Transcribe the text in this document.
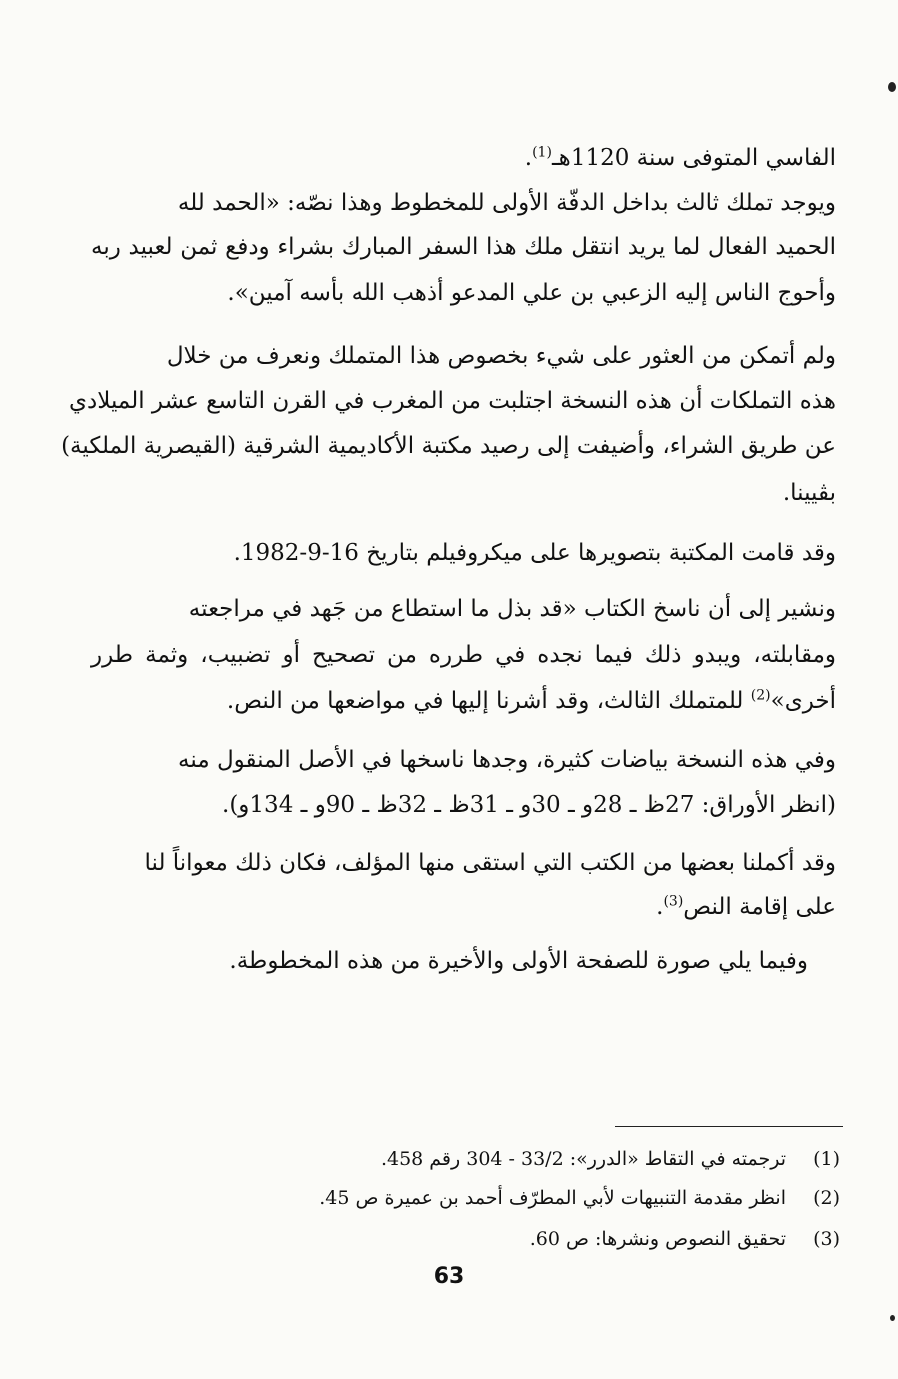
الفاسي المتوفى سنة 1120هـ$^{(1)}$.
ويوجد تملك ثالث بداخل الدفّة الأولى للمخطوط وهذا نصّه: «الحمد لله
الحميد الفعال لما يريد انتقل ملك هذا السفر المبارك بشراء ودفع ثمن لعبيد ربه
وأحوج الناس إليه الزعبي بن علي المدعو أذهب الله بأسه آمين».
ولم أتمكن من العثور على شيء بخصوص هذا المتملك ونعرف من خلال
هذه التملكات أن هذه النسخة اجتلبت من المغرب في القرن التاسع عشر الميلادي
عن طريق الشراء، وأضيفت إلى رصيد مكتبة الأكاديمية الشرقية (القيصرية الملكية)
بڤيينا.
وقد قامت المكتبة بتصويرها على ميكروفيلم بتاريخ 16-9-1982.
ونشير إلى أن ناسخ الكتاب «قد بذل ما استطاع من جَهد في مراجعته
ومقابلته، ويبدو ذلك فيما نجده في طرره من تصحيح أو تضبيب، وثمة طرر
أخرى»$^{(2)}$ للمتملك الثالث، وقد أشرنا إليها في مواضعها من النص.
وفي هذه النسخة بياضات كثيرة، وجدها ناسخها في الأصل المنقول منه
(انظر الأوراق: 27ظ ـ 28و ـ 30و ـ 31ظ ـ 32ظ ـ 90و ـ 134و).
وقد أكملنا بعضها من الكتب التي استقى منها المؤلف، فكان ذلك معواناً لنا
على إقامة النص$^{(3)}$.
وفيما يلي صورة للصفحة الأولى والأخيرة من هذه المخطوطة.
(1)
ترجمته في التقاط «الدرر»: 33/2 - 304 رقم 458.
(2)
انظر مقدمة التنبيهات لأبي المطرّف أحمد بن عميرة ص 45.
(3)
تحقيق النصوص ونشرها: ص 60.
63
